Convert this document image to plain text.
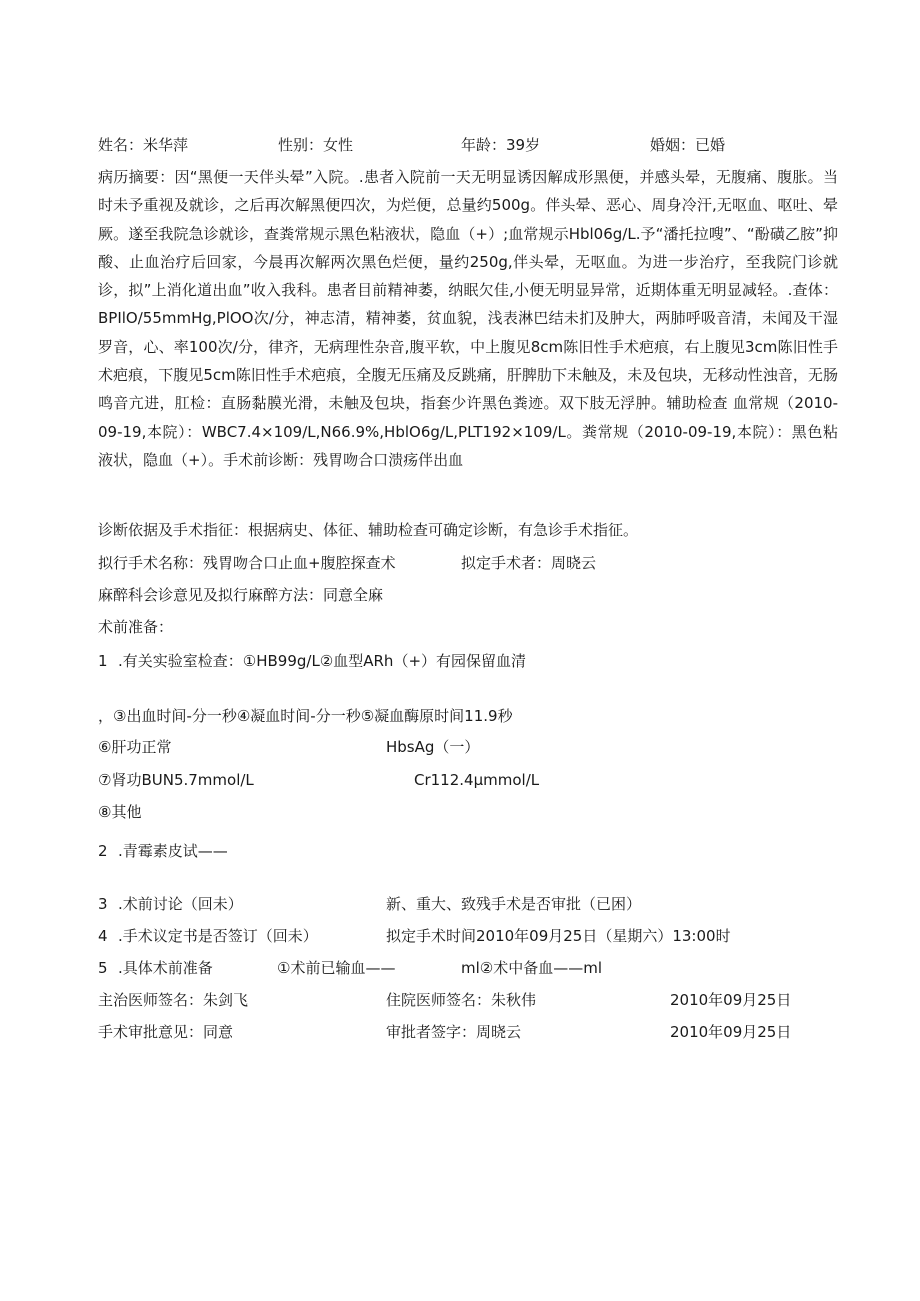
姓名：米华萍	性别：女性	年龄：39岁	婚姻：已婚
病历摘要：因“黑便一天伴头晕”入院。.患者入院前一天无明显诱因解成形黑便，并感头晕，无腹痛、腹胀。当时未予重视及就诊，之后再次解黑便四次，为烂便，总量约500g。伴头晕、恶心、周身冷汗,无呕血、呕吐、晕厥。遂至我院急诊就诊，查粪常规示黑色粘液状，隐血（+）;血常规示Hbl06g∕L.予“潘托拉嗖”、“酚磺乙胺”抑酸、止血治疗后回家，今晨再次解两次黑色烂便，量约250g,伴头晕，无呕血。为进一步治疗，至我院门诊就诊，拟”上消化道出血”收入我科。患者目前精神萎，纳眠欠佳,小便无明显异常，近期体重无明显减轻。.查体：BPIlO∕55mmHg,PlOO次/分，神志清，精神萎，贫血貌，浅表淋巴结未扪及肿大，两肺呼吸音清，未闻及干湿罗音，心、率100次/分，律齐，无病理性杂音,腹平软，中上腹见8cm陈旧性手术疤痕，右上腹见3cm陈旧性手术疤痕，下腹见5cm陈旧性手术疤痕，全腹无压痛及反跳痛，肝脾肋下未触及，未及包块，无移动性浊音，无肠鸣音亢进，肛检：直肠黏膜光滑，未触及包块，指套少许黑色粪迹。双下肢无浮肿。辅助检查 血常规（2010-09-19,本院）：WBC7.4×109∕L,N66.9%,HblO6g∕L,PLT192×109∕L。粪常规（2010-09-19,本院）：黑色粘液状，隐血（+）。手术前诊断：残胃吻合口溃疡伴出血
诊断依据及手术指征：根据病史、体征、辅助检查可确定诊断，有急诊手术指征。
拟行手术名称：残胃吻合口止血+腹腔探查术	拟定手术者：周晓云
麻醉科会诊意见及拟行麻醉方法：同意全麻
术前准备：
1 .有关实验室检查：①HB99g/L②血型ARh（+）有园保留血清
，③出血时间-分一秒④凝血时间-分一秒⑤凝血酶原时间11.9秒
⑥肝功正常	HbsAg（一）
⑦肾功BUN5.7mmol/L	Cr112.4μmmol/L
⑧其他
2 .青霉素皮试——
3 .术前讨论（回未）	新、重大、致残手术是否审批（已困）
4 .手术议定书是否签订（回未）	拟定手术时间2010年09月25日（星期六）13:00时
5 .具体术前准备	①术前已输血——	ml②术中备血——ml
主治医师签名：朱剑飞	住院医师签名：朱秋伟	2010年09月25日
手术审批意见：同意	审批者签字：周晓云	2010年09月25日
